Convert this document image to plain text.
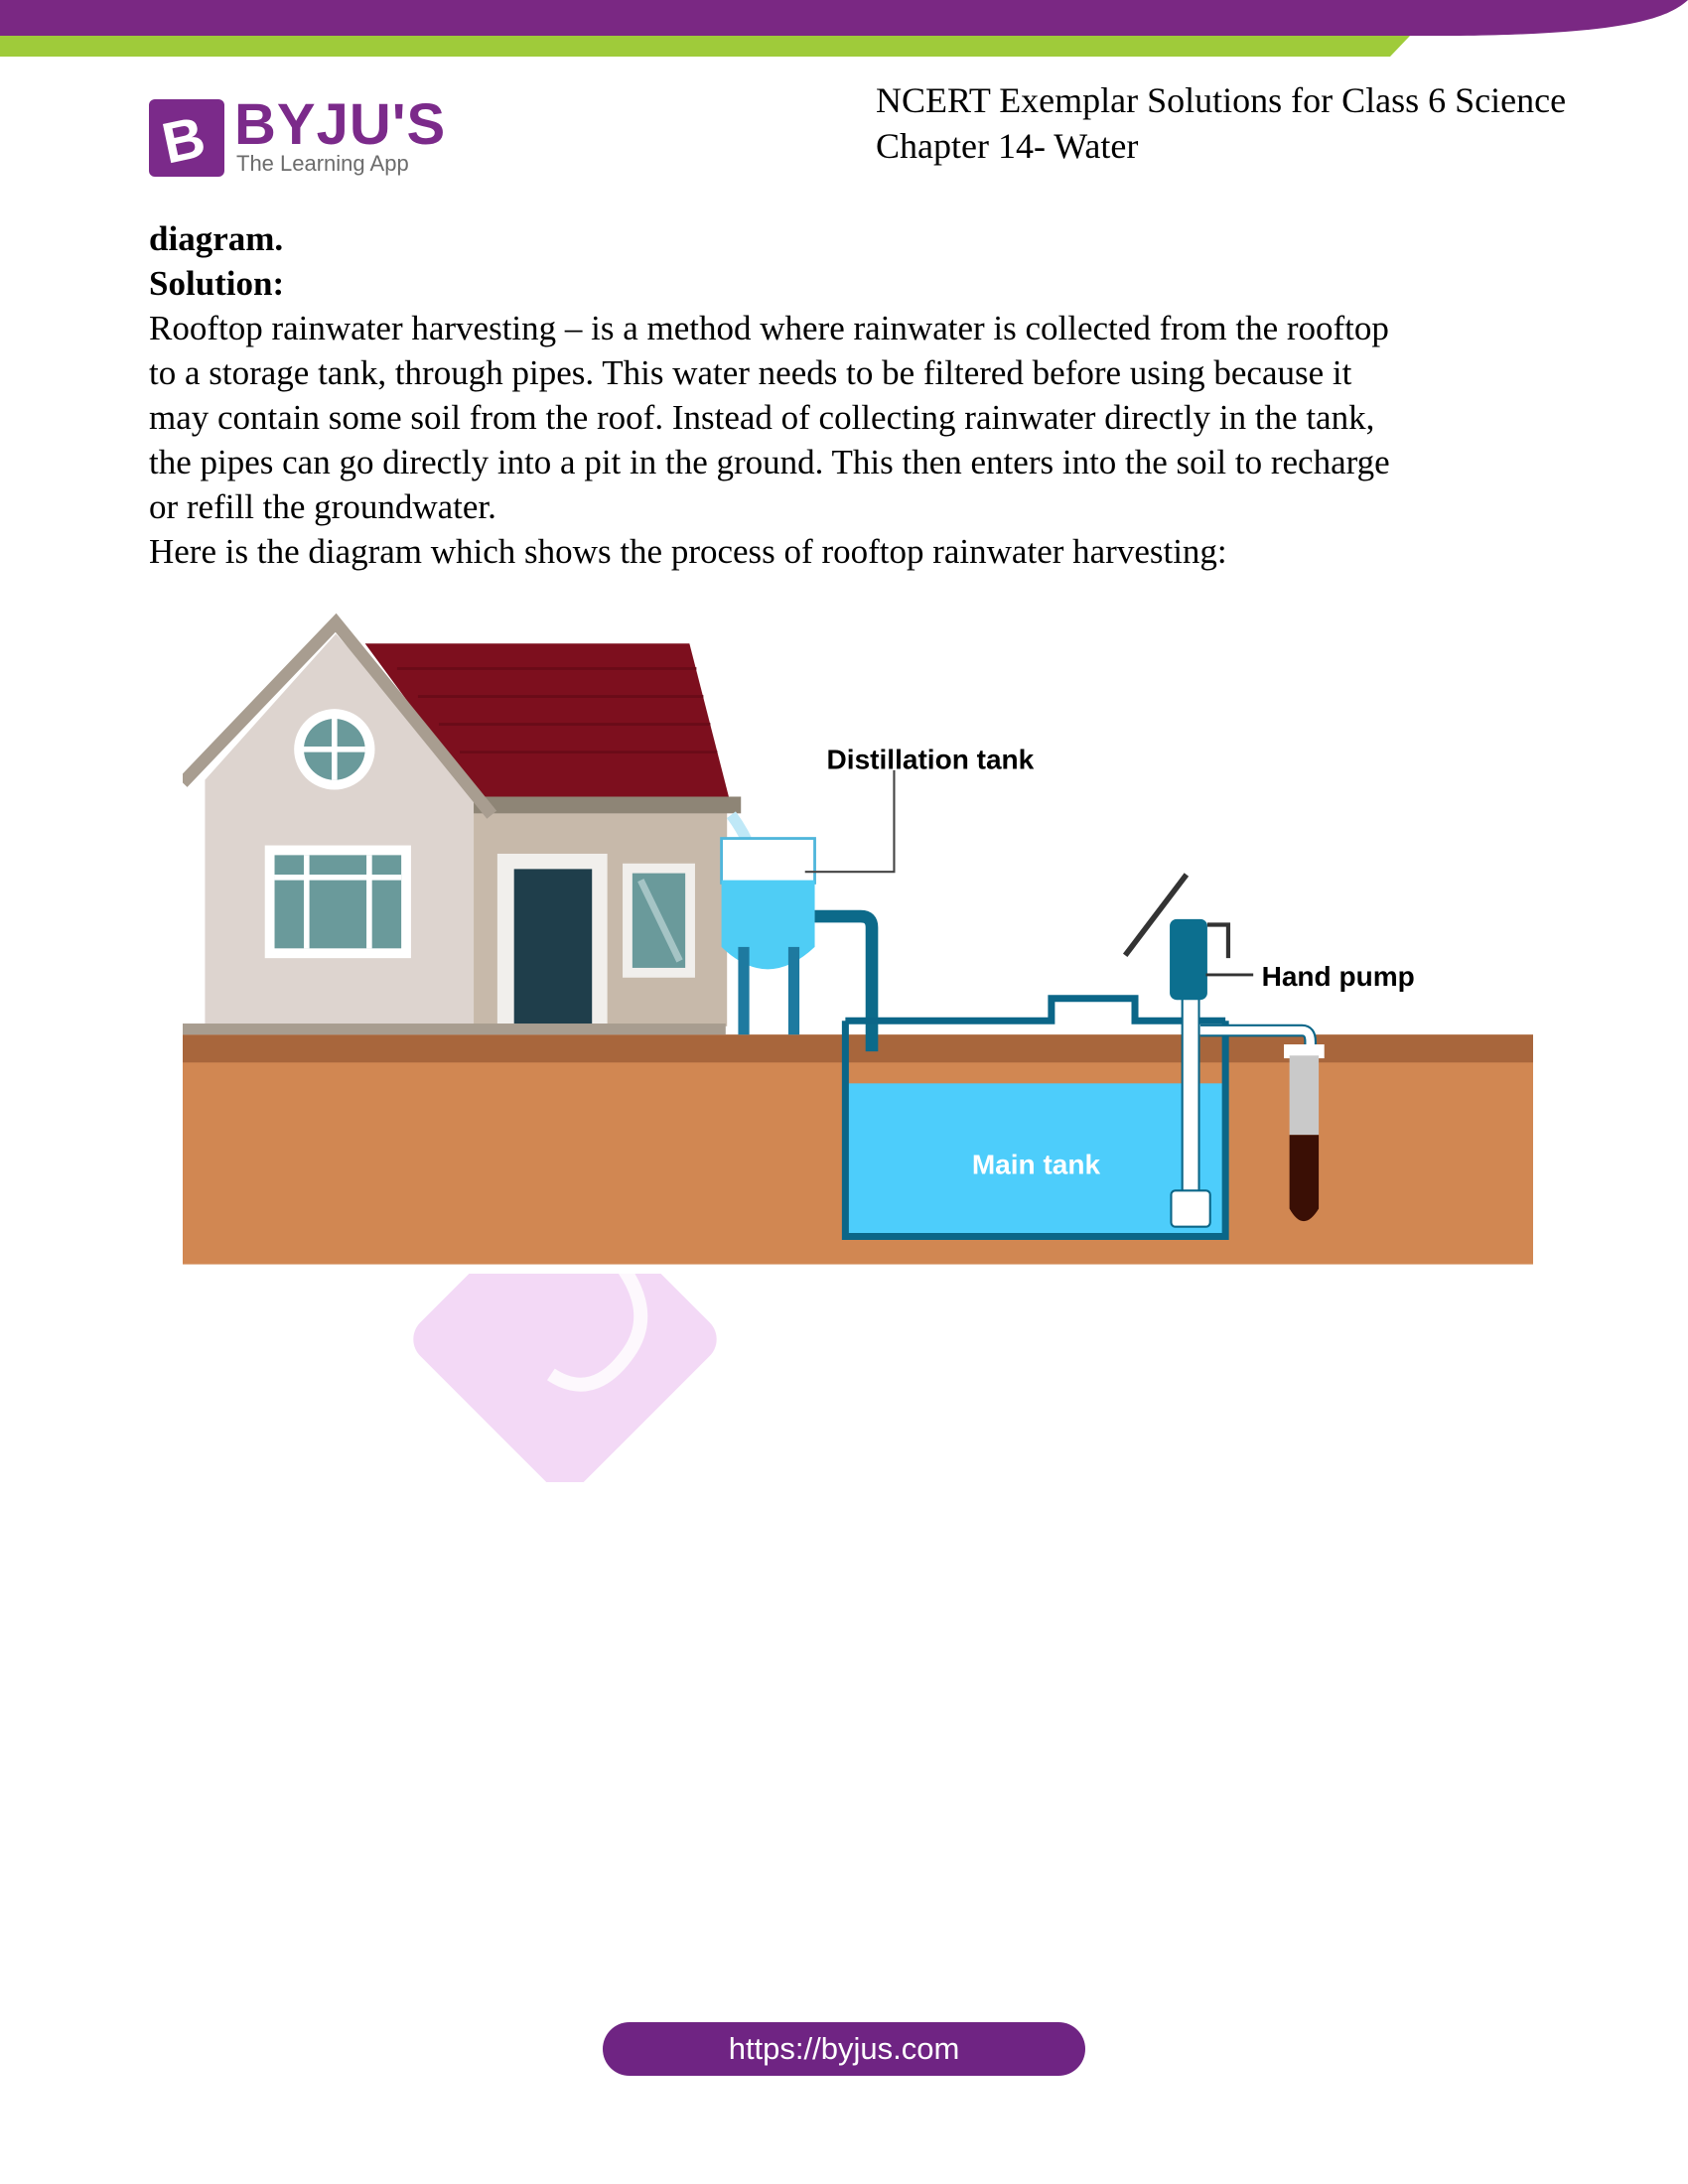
B BYJU'S
The Learning App
NCERT Exemplar Solutions for Class 6 Science
Chapter 14- Water
diagram.
Solution:
Rooftop rainwater harvesting – is a method where rainwater is collected from the rooftop
to a storage tank, through pipes. This water needs to be filtered before using because it
may contain some soil from the roof. Instead of collecting rainwater directly in the tank,
the pipes can go directly into a pit in the ground. This then enters into the soil to recharge
or refill the groundwater.
Here is the diagram which shows the process of rooftop rainwater harvesting:
Main tank
Distillation tank
Hand pump
https://byjus.com
